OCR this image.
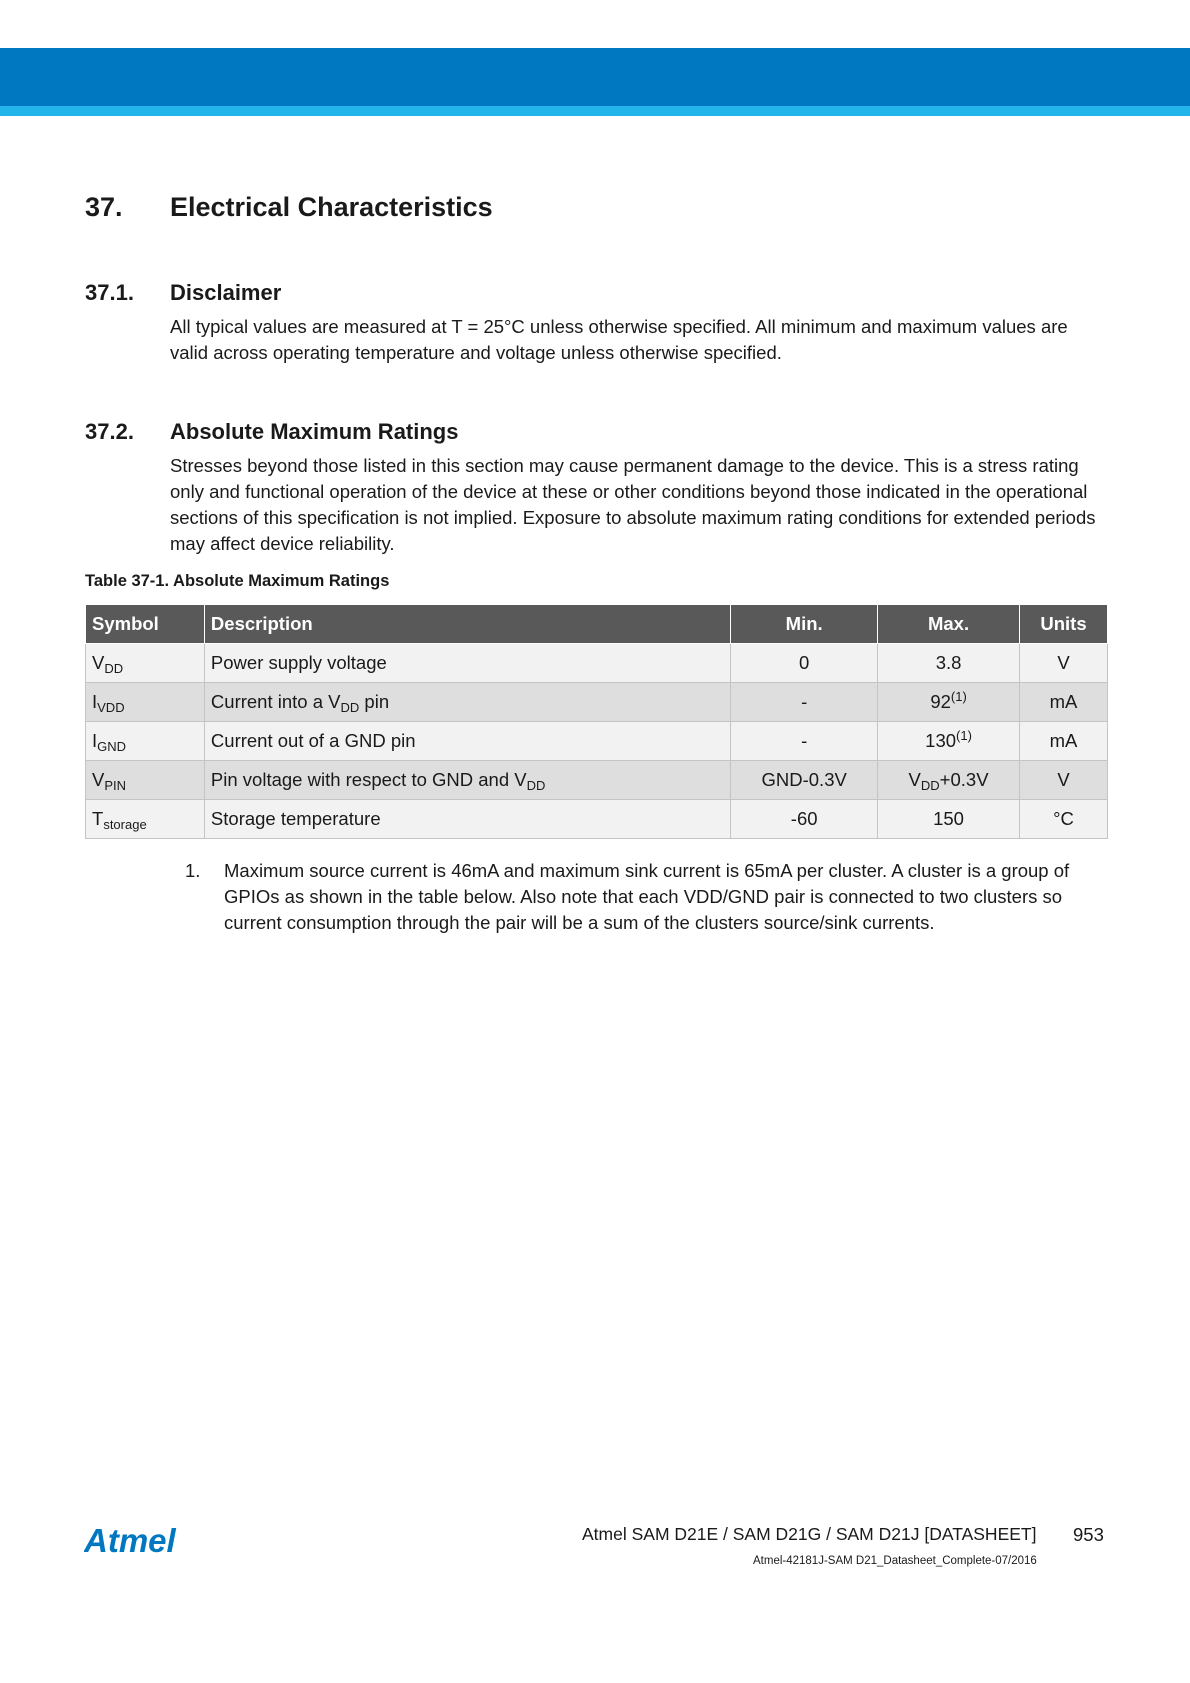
37. Electrical Characteristics
37.1. Disclaimer
All typical values are measured at T = 25°C unless otherwise specified. All minimum and maximum values are valid across operating temperature and voltage unless otherwise specified.
37.2. Absolute Maximum Ratings
Stresses beyond those listed in this section may cause permanent damage to the device. This is a stress rating only and functional operation of the device at these or other conditions beyond those indicated in the operational sections of this specification is not implied. Exposure to absolute maximum rating conditions for extended periods may affect device reliability.
Table 37-1. Absolute Maximum Ratings
Symbol	Description	Min.	Max.	Units
$V_{DD}$	Power supply voltage	0	3.8	V
$I_{VDD}$	Current into a $V_{DD}$ pin	-	92$^{(1)}$	mA
$I_{GND}$	Current out of a GND pin	-	130$^{(1)}$	mA
$V_{PIN}$	Pin voltage with respect to GND and $V_{DD}$	GND-0.3V	$V_{DD}+0.3V$	V
$T_{storage}$	Storage temperature	-60	150	°C
1. Maximum source current is 46mA and maximum sink current is 65mA per cluster. A cluster is a group of GPIOs as shown in the table below. Also note that each VDD/GND pair is connected to two clusters so current consumption through the pair will be a sum of the clusters source/sink currents.
Atmel	Atmel SAM D21E / SAM D21G / SAM D21J [DATASHEET] 953
Atmel-42181J-SAM D21_Datasheet_Complete-07/2016
